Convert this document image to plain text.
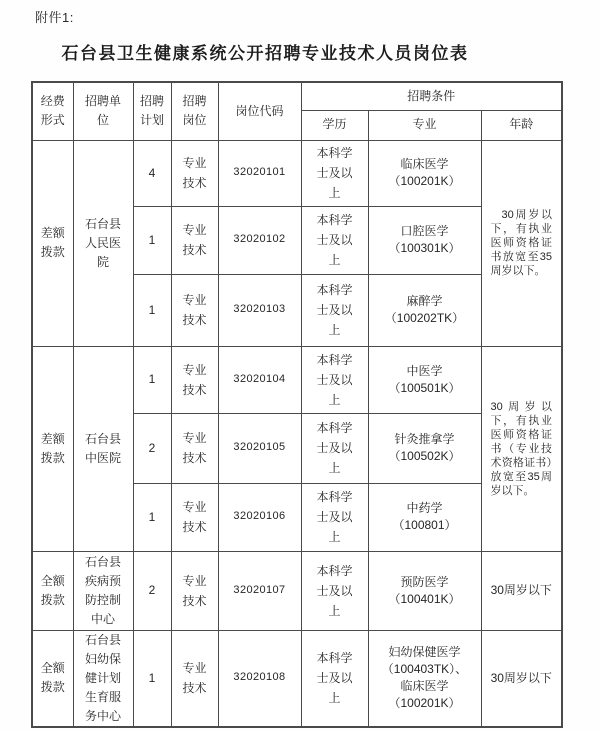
附件1:
石台县卫生健康系统公开招聘专业技术人员岗位表
经费形式	招聘单位	招聘计划	招聘岗位	岗位代码	招聘条件		
					学历	专业	年龄
差额拨款	石台县人民医院	4	专业技术	32020101	本科学士及以上	临床医学
（100201K）	30周岁以下，有执业医师资格证书放宽至35周岁以下。
		1	专业技术	32020102	本科学士及以上	口腔医学
（100301K）	

		1	专业技术	32020103	本科学士及以上	麻醉学
（100202TK）	

差额拨款	石台县中医院	1	专业技术	32020104	本科学士及以上	中医学
（100501K）	30周岁以下，有执业医师资格证书（专业技术资格证书）放宽至35周岁以下。
		2	专业技术	32020105	本科学士及以上	针灸推拿学
（100502K）	

		1	专业技术	32020106	本科学士及以上	中药学
（100801）	

全额拨款	石台县疾病预防控制中心	2	专业技术	32020107	本科学士及以上	预防医学
（100401K）	30周岁以下
全额拨款	石台县妇幼保健计划生育服务中心	1	专业技术	32020108	本科学士及以上	妇幼保健医学
（100403TK）、
临床医学
（100201K）	30周岁以下
